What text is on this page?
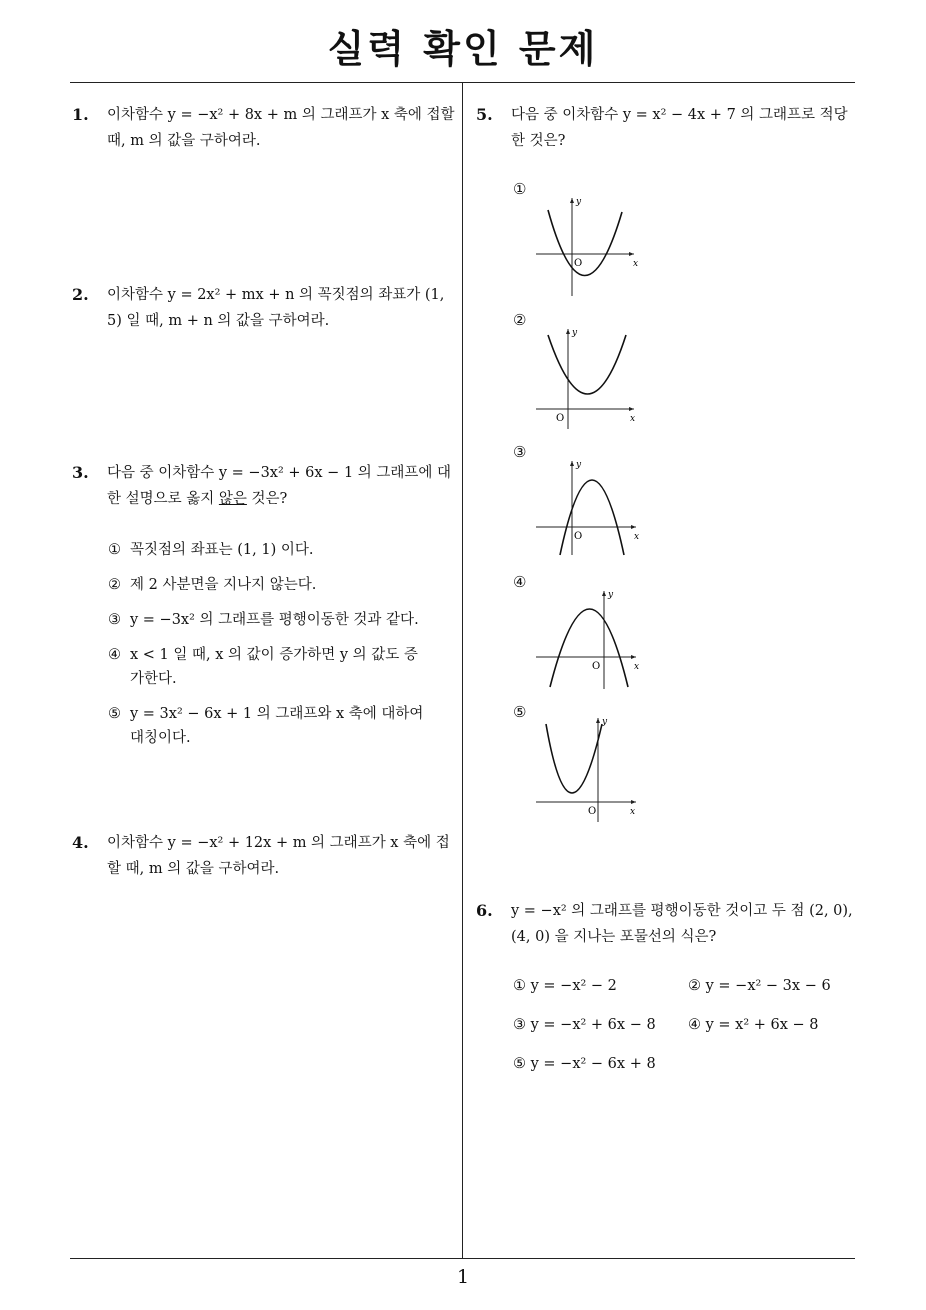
실력 확인 문제
1. 이차함수 y = −x² + 8x + m 의 그래프가 x 축에 접할 때, m 의 값을 구하여라.
2. 이차함수 y = 2x² + mx + n 의 꼭짓점의 좌표가 (1, 5) 일 때, m + n 의 값을 구하여라.
3. 다음 중 이차함수 y = −3x² + 6x − 1 의 그래프에 대한 설명으로 옳지 않은 것은?
① 꼭짓점의 좌표는 (1, 1) 이다.
② 제 2 사분면을 지나지 않는다.
③ y = −3x² 의 그래프를 평행이동한 것과 같다.
④ x < 1 일 때, x 의 값이 증가하면 y 의 값도 증가한다.
⑤ y = 3x² − 6x + 1 의 그래프와 x 축에 대하여 대칭이다.
4. 이차함수 y = −x² + 12x + m 의 그래프가 x 축에 접할 때, m 의 값을 구하여라.
5. 다음 중 이차함수 y = x² − 4x + 7 의 그래프로 적당한 것은?
①
y
x
O
②
y
x
O
③
y
x
O
④
y
x
O
⑤
y
x
O
6. y = −x² 의 그래프를 평행이동한 것이고 두 점 (2, 0), (4, 0) 을 지나는 포물선의 식은?
① y = −x² − 2	② y = −x² − 3x − 6
③ y = −x² + 6x − 8 ④ y = x² + 6x − 8
⑤ y = −x² − 6x + 8
1
